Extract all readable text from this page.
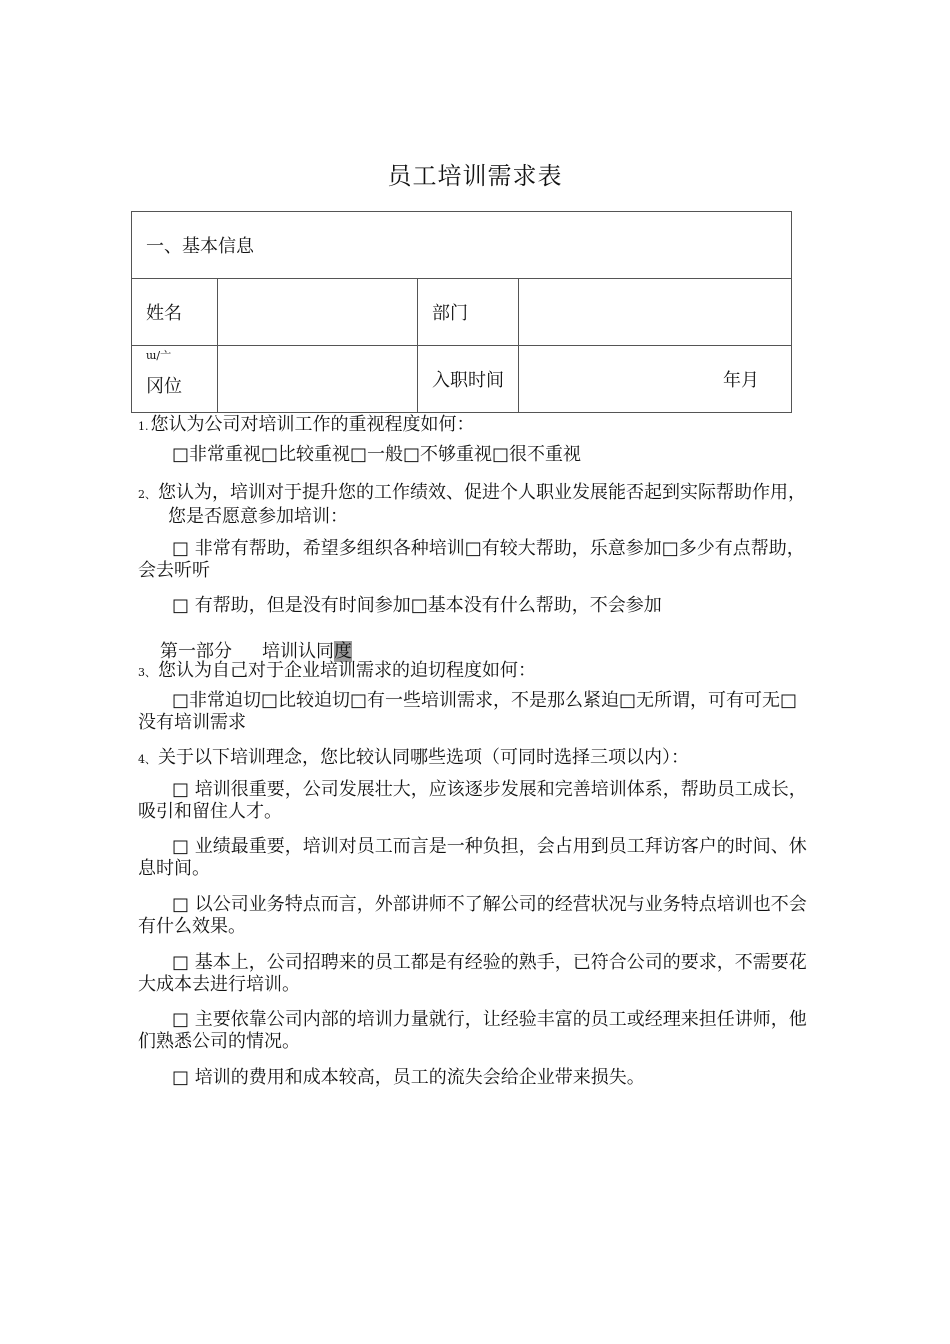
员工培训需求表
一、基本信息			
姓名		部门	

ɯ/亠
冈位		入职时间	年月
1. 您认为公司对培训工作的重视程度如何：
□非常重视□比较重视□一般□不够重视□很不重视
2、 您认为，培训对于提升您的工作绩效、促进个人职业发展能否起到实际帮助作用，您是否愿意参加培训：
□ 非常有帮助，希望多组织各种培训□有较大帮助，乐意参加□多少有点帮助，会去听听
□ 有帮助，但是没有时间参加□基本没有什么帮助，不会参加
第一部分 培训认同度
3、 您认为自己对于企业培训需求的迫切程度如何：
□非常迫切□比较迫切□有一些培训需求，不是那么紧迫□无所谓，可有可无□没有培训需求
4、 关于以下培训理念，您比较认同哪些选项（可同时选择三项以内）：
□ 培训很重要，公司发展壮大，应该逐步发展和完善培训体系，帮助员工成长，吸引和留住人才。
□ 业绩最重要，培训对员工而言是一种负担，会占用到员工拜访客户的时间、休息时间。
□ 以公司业务特点而言，外部讲师不了解公司的经营状况与业务特点培训也不会有什么效果。
□ 基本上，公司招聘来的员工都是有经验的熟手，已符合公司的要求，不需要花大成本去进行培训。
□ 主要依靠公司内部的培训力量就行，让经验丰富的员工或经理来担任讲师，他们熟悉公司的情况。
□ 培训的费用和成本较高，员工的流失会给企业带来损失。
